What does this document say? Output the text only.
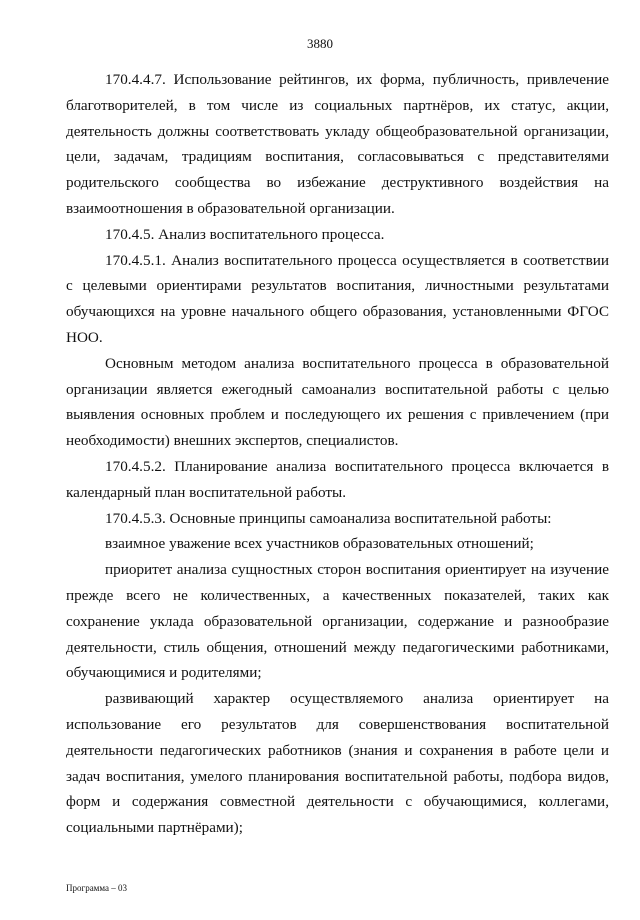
3880

170.4.4.7. Использование рейтингов, их форма, публичность, привлечение благотворителей, в том числе из социальных партнёров, их статус, акции, деятельность должны соответствовать укладу общеобразовательной организации, цели, задачам, традициям воспитания, согласовываться с представителями родительского сообщества во избежание деструктивного воздействия на взаимоотношения в образовательной организации.

170.4.5. Анализ воспитательного процесса.

170.4.5.1. Анализ воспитательного процесса осуществляется в соответствии с целевыми ориентирами результатов воспитания, личностными результатами обучающихся на уровне начального общего образования, установленными ФГОС НОО.

Основным методом анализа воспитательного процесса в образовательной организации является ежегодный самоанализ воспитательной работы с целью выявления основных проблем и последующего их решения с привлечением (при необходимости) внешних экспертов, специалистов.

170.4.5.2. Планирование анализа воспитательного процесса включается в календарный план воспитательной работы.

170.4.5.3. Основные принципы самоанализа воспитательной работы:

взаимное уважение всех участников образовательных отношений;

приоритет анализа сущностных сторон воспитания ориентирует на изучение прежде всего не количественных, а качественных показателей, таких как сохранение уклада образовательной организации, содержание и разнообразие деятельности, стиль общения, отношений между педагогическими работниками, обучающимися и родителями;

развивающий характер осуществляемого анализа ориентирует на использование его результатов для совершенствования воспитательной деятельности педагогических работников (знания и сохранения в работе цели и задач воспитания, умелого планирования воспитательной работы, подбора видов, форм и содержания совместной деятельности с обучающимися, коллегами, социальными партнёрами);

Программа – 03
